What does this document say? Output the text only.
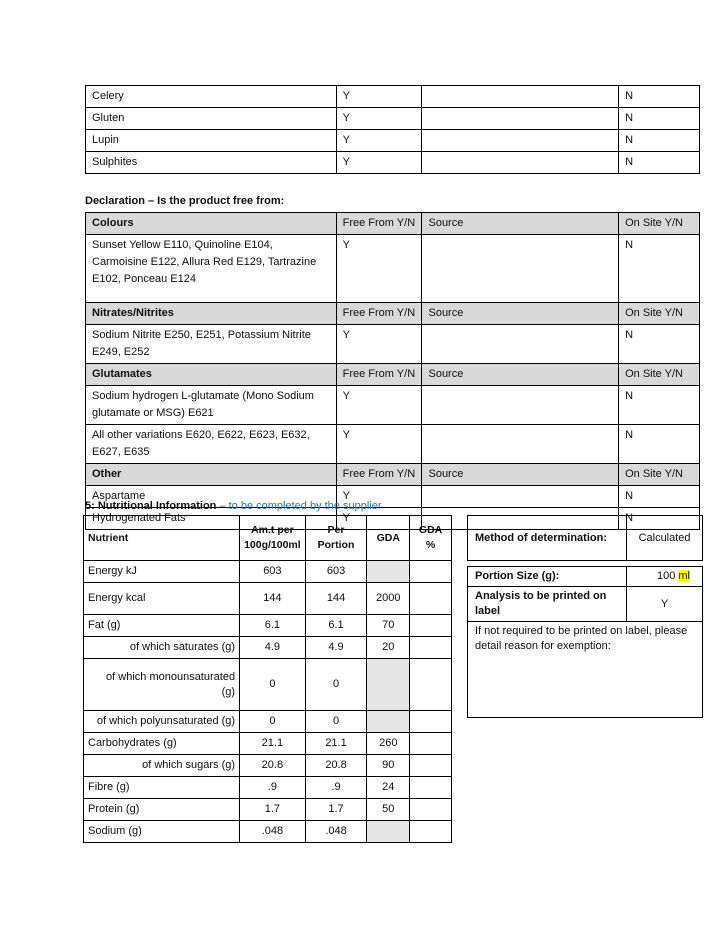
Celery	Y		N
Gluten	Y		N
Lupin	Y		N
Sulphites	Y		N
Declaration – Is the product free from:
Colours	Free From Y/N	Source	On Site Y/N
Sunset Yellow E110, Quinoline E104, Carmoisine E122, Allura Red E129, Tartrazine E102, Ponceau E124	Y		N
Nitrates/Nitrites	Free From Y/N	Source	On Site Y/N
Sodium Nitrite E250, E251, Potassium Nitrite E249, E252	Y		N
Glutamates	Free From Y/N	Source	On Site Y/N
Sodium hydrogen L-glutamate (Mono Sodium glutamate or MSG) E621	Y		N
All other variations E620, E622, E623, E632, E627, E635	Y		N
Other	Free From Y/N	Source	On Site Y/N
Aspartame	Y		N
Hydrogenated Fats	Y		N
5: Nutritional Information – to be completed by the supplier
Nutrient	Am.t per 100g/100ml	Per Portion	GDA	GDA %
Energy kJ	603	603		
Energy kcal	144	144	2000	
Fat (g)	6.1	6.1	70	
of which saturates (g)	4.9	4.9	20	
of which monounsaturated (g)	0	0		
of which polyunsaturated (g)	0	0		
Carbohydrates (g)	21.1	21.1	260	
of which sugars (g)	20.8	20.8	90	
Fibre (g)	.9	.9	24	
Protein (g)	1.7	1.7	50	
Sodium (g)	.048	.048		
Method of determination:	Calculated

Portion Size (g):	100 ml
Analysis to be printed on label	Y
If not required to be printed on label, please detail reason for exemption:	
